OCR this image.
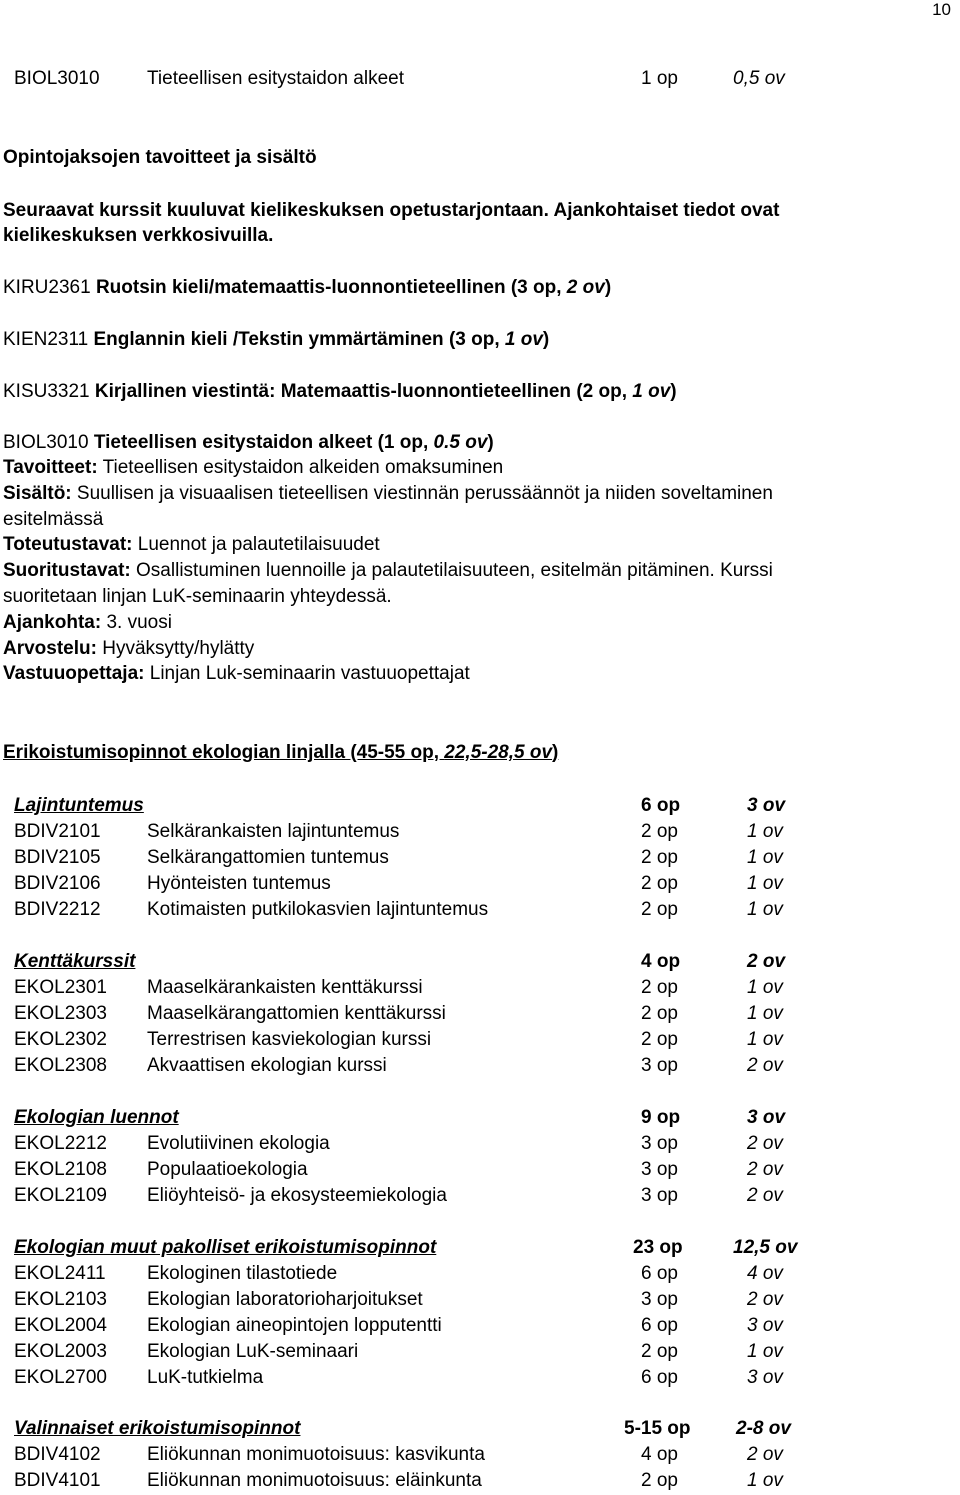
10
BIOL3010 Tieteellisen esitystaidon alkeet	1 op	0,5 ov
Opintojaksojen tavoitteet ja sisältö
Seuraavat kurssit kuuluvat kielikeskuksen opetustarjontaan. Ajankohtaiset tiedot ovat
kielikeskuksen verkkosivuilla.
KIRU2361 Ruotsin kieli/matemaattis-luonnontieteellinen (3 op, 2 ov)
KIEN2311 Englannin kieli /Tekstin ymmärtäminen (3 op, 1 ov)
KISU3321 Kirjallinen viestintä: Matemaattis-luonnontieteellinen (2 op, 1 ov)
BIOL3010 Tieteellisen esitystaidon alkeet (1 op, 0.5 ov)
Tavoitteet: Tieteellisen esitystaidon alkeiden omaksuminen
Sisältö: Suullisen ja visuaalisen tieteellisen viestinnän perussäännöt ja niiden soveltaminen
esitelmässä
Toteutustavat: Luennot ja palautetilaisuudet
Suoritustavat: Osallistuminen luennoille ja palautetilaisuuteen, esitelmän pitäminen. Kurssi
suoritetaan linjan LuK-seminaarin yhteydessä.
Ajankohta: 3. vuosi
Arvostelu: Hyväksytty/hylätty
Vastuuopettaja: Linjan Luk-seminaarin vastuuopettajat
Erikoistumisopinnot ekologian linjalla (45-55 op, 22,5-28,5 ov)
Lajintuntemus	6 op	3 ov
BDIV2101 Selkärankaisten lajintuntemus	2 op	1 ov
BDIV2105 Selkärangattomien tuntemus	2 op	1 ov
BDIV2106 Hyönteisten tuntemus	2 op	1 ov
BDIV2212 Kotimaisten putkilokasvien lajintuntemus	2 op	1 ov
Kenttäkurssit	4 op	2 ov
EKOL2301 Maaselkärankaisten kenttäkurssi	2 op	1 ov
EKOL2303 Maaselkärangattomien kenttäkurssi	2 op	1 ov
EKOL2302 Terrestrisen kasviekologian kurssi	2 op	1 ov
EKOL2308 Akvaattisen ekologian kurssi	3 op	2 ov
Ekologian luennot	9 op	3 ov
EKOL2212 Evolutiivinen ekologia	3 op	2 ov
EKOL2108 Populaatioekologia	3 op	2 ov
EKOL2109 Eliöyhteisö- ja ekosysteemiekologia	3 op	2 ov
Ekologian muut pakolliset erikoistumisopinnot	23 op	12,5 ov
EKOL2411 Ekologinen tilastotiede	6 op	4 ov
EKOL2103 Ekologian laboratorioharjoitukset	3 op	2 ov
EKOL2004 Ekologian aineopintojen lopputentti	6 op	3 ov
EKOL2003 Ekologian LuK-seminaari	2 op	1 ov
EKOL2700 LuK-tutkielma	6 op	3 ov
Valinnaiset erikoistumisopinnot	5-15 op 2-8 ov
BDIV4102 Eliökunnan monimuotoisuus: kasvikunta	4 op	2 ov
BDIV4101 Eliökunnan monimuotoisuus: eläinkunta	2 op	1 ov
